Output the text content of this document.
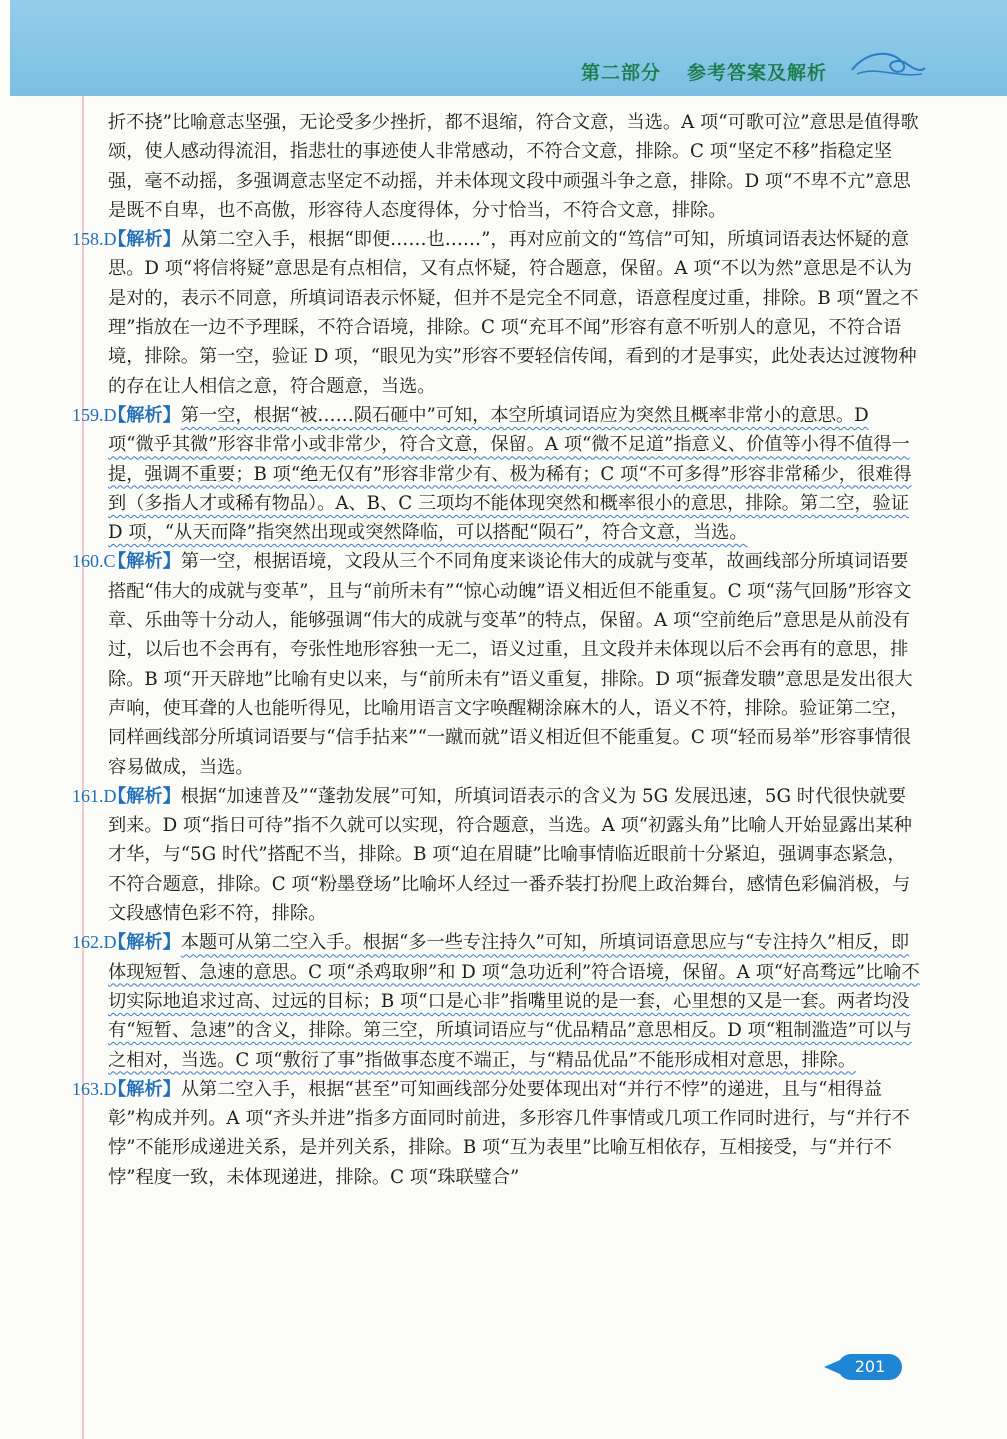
第二部分 参考答案及解析
折不挠”比喻意志坚强，无论受多少挫折，都不退缩，符合文意，当选。A 项“可歌可泣”意思是值得歌颂，使人感动得流泪，指悲壮的事迹使人非常感动，不符合文意，排除。C 项“坚定不移”指稳定坚强，毫不动摇，多强调意志坚定不动摇，并未体现文段中顽强斗争之意，排除。D 项“不卑不亢”意思是既不自卑，也不高傲，形容待人态度得体，分寸恰当，不符合文意，排除。
158.D
【解析】从第二空入手，根据“即便……也……”，再对应前文的“笃信”可知，所填词语表达怀疑的意思。D 项“将信将疑”意思是有点相信，又有点怀疑，符合题意，保留。A 项“不以为然”意思是不认为是对的，表示不同意，所填词语表示怀疑，但并不是完全不同意，语意程度过重，排除。B 项“置之不理”指放在一边不予理睬，不符合语境，排除。C 项“充耳不闻”形容有意不听别人的意见，不符合语境，排除。第一空，验证 D 项，“眼见为实”形容不要轻信传闻，看到的才是事实，此处表达过渡物种的存在让人相信之意，符合题意，当选。
159.D
【解析】第一空，根据“被……陨石砸中”可知，本空所填词语应为突然且概率非常小的意思。D 项“微乎其微”形容非常小或非常少，符合文意，保留。A 项“微不足道”指意义、价值等小得不值得一提，强调不重要；B 项“绝无仅有”形容非常少有、极为稀有；C 项“不可多得”形容非常稀少，很难得到（多指人才或稀有物品）。A、B、C 三项均不能体现突然和概率很小的意思，排除。第二空，验证 D 项，“从天而降”指突然出现或突然降临，可以搭配“陨石”，符合文意，当选。
160.C
【解析】第一空，根据语境，文段从三个不同角度来谈论伟大的成就与变革，故画线部分所填词语要搭配“伟大的成就与变革”，且与“前所未有”“惊心动魄”语义相近但不能重复。C 项“荡气回肠”形容文章、乐曲等十分动人，能够强调“伟大的成就与变革”的特点，保留。A 项“空前绝后”意思是从前没有过，以后也不会再有，夸张性地形容独一无二，语义过重，且文段并未体现以后不会再有的意思，排除。B 项“开天辟地”比喻有史以来，与“前所未有”语义重复，排除。D 项“振聋发聩”意思是发出很大声响，使耳聋的人也能听得见，比喻用语言文字唤醒糊涂麻木的人，语义不符，排除。验证第二空，同样画线部分所填词语要与“信手拈来”“一蹴而就”语义相近但不能重复。C 项“轻而易举”形容事情很容易做成，当选。
161.D
【解析】根据“加速普及”“蓬勃发展”可知，所填词语表示的含义为 5G 发展迅速，5G 时代很快就要到来。D 项“指日可待”指不久就可以实现，符合题意，当选。A 项“初露头角”比喻人开始显露出某种才华，与“5G 时代”搭配不当，排除。B 项“迫在眉睫”比喻事情临近眼前十分紧迫，强调事态紧急，不符合题意，排除。C 项“粉墨登场”比喻坏人经过一番乔装打扮爬上政治舞台，感情色彩偏消极，与文段感情色彩不符，排除。
162.D
【解析】本题可从第二空入手。根据“多一些专注持久”可知，所填词语意思应与“专注持久”相反，即体现短暂、急速的意思。C 项“杀鸡取卵”和 D 项“急功近利”符合语境，保留。A 项“好高骛远”比喻不切实际地追求过高、过远的目标；B 项“口是心非”指嘴里说的是一套，心里想的又是一套。两者均没有“短暂、急速”的含义，排除。第三空，所填词语应与“优品精品”意思相反。D 项“粗制滥造”可以与之相对，当选。C 项“敷衍了事”指做事态度不端正，与“精品优品”不能形成相对意思，排除。
163.D
【解析】从第二空入手，根据“甚至”可知画线部分处要体现出对“并行不悖”的递进，且与“相得益彰”构成并列。A 项“齐头并进”指多方面同时前进，多形容几件事情或几项工作同时进行，与“并行不悖”不能形成递进关系，是并列关系，排除。B 项“互为表里”比喻互相依存，互相接受，与“并行不悖”程度一致，未体现递进，排除。C 项“珠联璧合”
201
